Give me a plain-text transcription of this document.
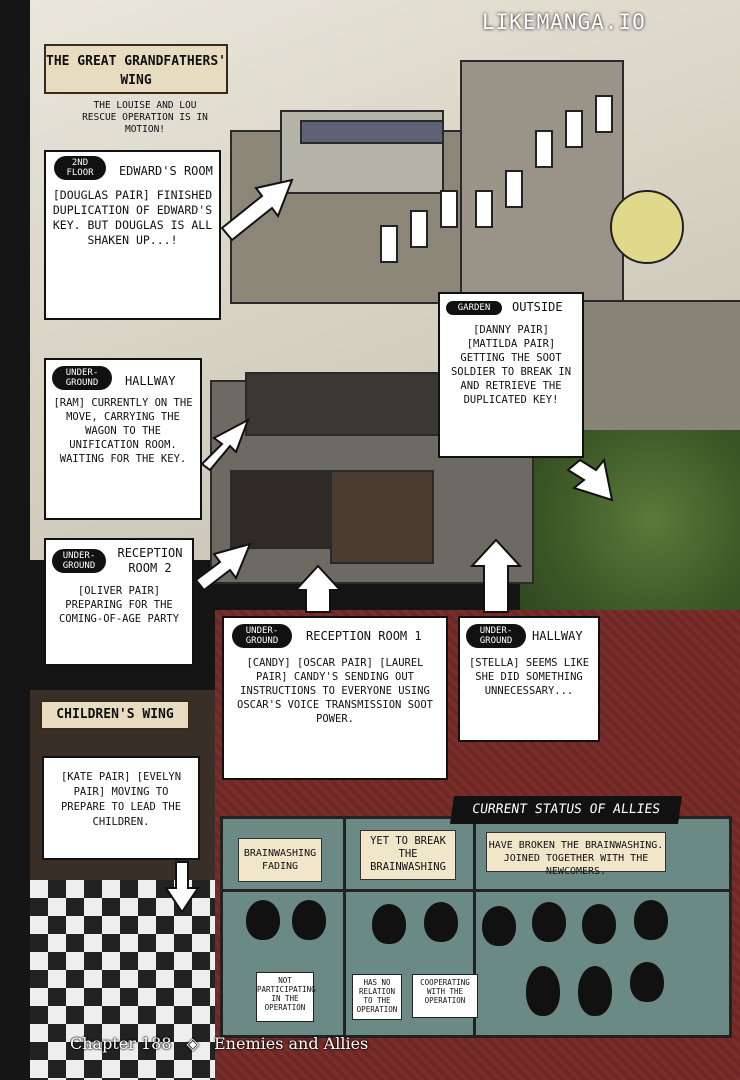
LIKEMANGA.IO
THE GREAT GRANDFATHERS' WING
THE LOUISE AND LOU RESCUE OPERATION IS IN MOTION!
2ND FLOOR EDWARD'S ROOM
[DOUGLAS PAIR] FINISHED DUPLICATION OF EDWARD'S KEY. BUT DOUGLAS IS ALL SHAKEN UP...!
UNDER-GROUND HALLWAY
[RAM] CURRENTLY ON THE MOVE, CARRYING THE WAGON TO THE UNIFICATION ROOM. WAITING FOR THE KEY.
UNDER-GROUND
RECEPTION ROOM 2
[OLIVER PAIR] PREPARING FOR THE COMING-OF-AGE PARTY
UNDER-GROUND	RECEPTION ROOM 1
[CANDY] [OSCAR PAIR] [LAUREL PAIR] CANDY'S SENDING OUT INSTRUCTIONS TO EVERYONE USING OSCAR'S VOICE TRANSMISSION SOOT POWER.
UNDER-GROUND	HALLWAY
[STELLA] SEEMS LIKE SHE DID SOMETHING UNNECESSARY...
GARDEN	OUTSIDE
[DANNY PAIR] [MATILDA PAIR] GETTING THE SOOT SOLDIER TO BREAK IN AND RETRIEVE THE DUPLICATED KEY!
CHILDREN'S WING
[KATE PAIR] [EVELYN PAIR] MOVING TO PREPARE TO LEAD THE CHILDREN.
CURRENT STATUS OF ALLIES
BRAINWASHING FADING
YET TO BREAK THE BRAINWASHING
HAVE BROKEN THE BRAINWASHING. JOINED TOGETHER WITH THE NEWCOMERS.
NOT PARTICIPATING IN THE OPERATION
HAS NO RELATION TO THE OPERATION
COOPERATING WITH THE OPERATION
Chapter 188 ◈ Enemies and Allies
